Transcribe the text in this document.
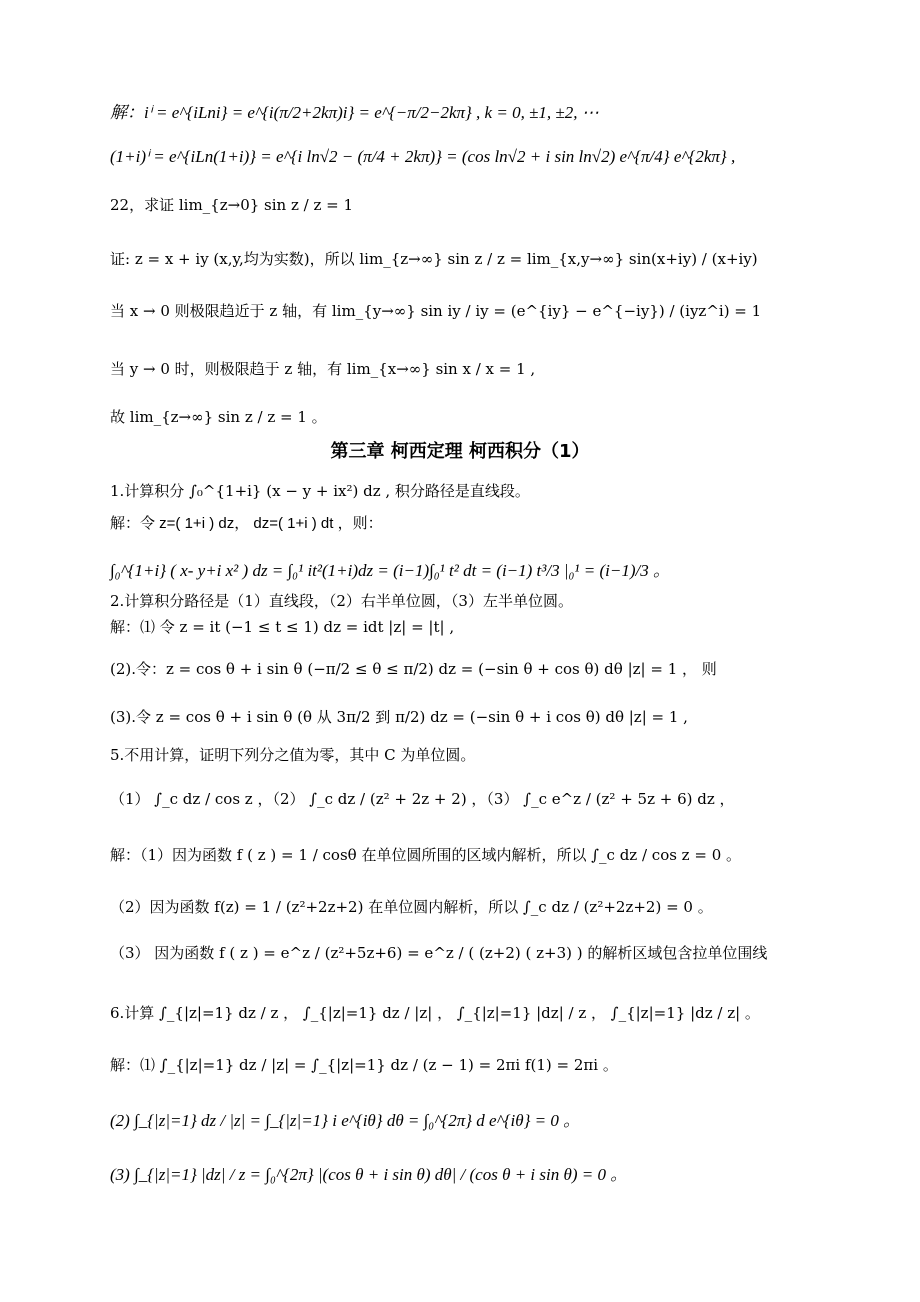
解：iⁱ = e^{iLni} = e^{i(π/2+2kπ)i} = e^{−π/2−2kπ} , k = 0, ±1, ±2, ⋯
(1+i)ⁱ = e^{iLn(1+i)} = e^{i ln√2 − (π/4 + 2kπ)} = (cos ln√2 + i sin ln√2) e^{π/4} e^{2kπ} ,
22，求证 lim_{z→0} sin z / z = 1
证: z = x + iy (x,y,均为实数)，所以 lim_{z→∞} sin z / z = lim_{x,y→∞} sin(x+iy) / (x+iy)
当 x → 0 则极限趋近于 z 轴，有 lim_{y→∞} sin iy / iy = (e^{iy} − e^{−iy}) / (iyz^i) = 1
当 y → 0 时，则极限趋于 z 轴，有 lim_{x→∞} sin x / x = 1 ,
故 lim_{z→∞} sin z / z = 1 。
第三章 柯西定理 柯西积分（1）
1.计算积分 ∫₀^{1+i} (x − y + ix²) dz , 积分路径是直线段。
解：令 z=( 1+i ) dz， dz=( 1+i ) dt ，则：
∫₀^{1+i} ( x- y+i x² ) dz = ∫₀¹ it²(1+i)dz = (i−1)∫₀¹ t² dt = (i−1) t³/3 |₀¹ = (i−1)/3 。
2.计算积分路径是（1）直线段，（2）右半单位圆，（3）左半单位圆。
解：⑴ 令 z = it (−1 ≤ t ≤ 1) dz = idt |z| = |t| ,
(2).令：z = cos θ + i sin θ (−π/2 ≤ θ ≤ π/2) dz = (−sin θ + cos θ) dθ |z| = 1 ， 则
(3).令 z = cos θ + i sin θ (θ 从 3π/2 到 π/2) dz = (−sin θ + i cos θ) dθ |z| = 1 ,
5.不用计算，证明下列分之值为零，其中 C 为单位圆。
（1） ∫_c dz / cos z ，（2） ∫_c dz / (z² + 2z + 2) ，（3） ∫_c e^z / (z² + 5z + 6) dz ，
解：（1）因为函数 f ( z ) = 1 / cosθ 在单位圆所围的区域内解析，所以 ∫_c dz / cos z = 0 。
（2）因为函数 f(z) = 1 / (z²+2z+2) 在单位圆内解析，所以 ∫_c dz / (z²+2z+2) = 0 。
（3） 因为函数 f ( z ) = e^z / (z²+5z+6) = e^z / ( (z+2) ( z+3) ) 的解析区域包含拉单位围线
6.计算 ∫_{|z|=1} dz / z ， ∫_{|z|=1} dz / |z| ， ∫_{|z|=1} |dz| / z ， ∫_{|z|=1} |dz / z| 。
解：⑴ ∫_{|z|=1} dz / |z| = ∫_{|z|=1} dz / (z − 1) = 2πi f(1) = 2πi 。
(2) ∫_{|z|=1} dz / |z| = ∫_{|z|=1} i e^{iθ} dθ = ∫₀^{2π} d e^{iθ} = 0 。
(3) ∫_{|z|=1} |dz| / z = ∫₀^{2π} |(cos θ + i sin θ) dθ| / (cos θ + i sin θ) = 0 。
